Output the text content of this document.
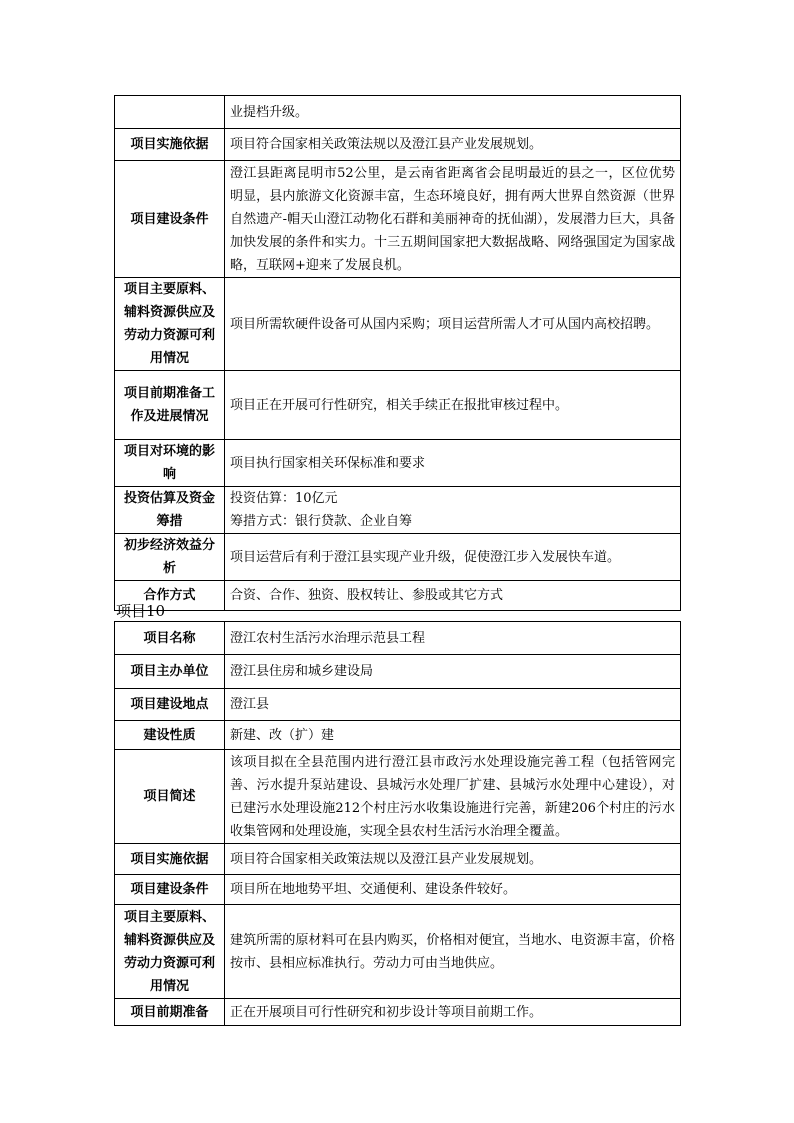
	业提档升级。
项目实施依据	项目符合国家相关政策法规以及澄江县产业发展规划。
项目建设条件	澄江县距离昆明市52公里，是云南省距离省会昆明最近的县之一，区位优势明显，县内旅游文化资源丰富，生态环境良好，拥有两大世界自然资源（世界自然遗产-帽天山澄江动物化石群和美丽神奇的抚仙湖），发展潜力巨大，具备加快发展的条件和实力。十三五期间国家把大数据战略、网络强国定为国家战略，互联网+迎来了发展良机。
项目主要原料、辅料资源供应及劳动力资源可利用情况	项目所需软硬件设备可从国内采购；项目运营所需人才可从国内高校招聘。
项目前期准备工作及进展情况	项目正在开展可行性研究，相关手续正在报批审核过程中。
项目对环境的影响	项目执行国家相关环保标准和要求
投资估算及资金筹措	投资估算：10亿元
筹措方式：银行贷款、企业自筹

初步经济效益分析	项目运营后有利于澄江县实现产业升级，促使澄江步入发展快车道。
合作方式	合资、合作、独资、股权转让、参股或其它方式
项目10
项目名称	澄江农村生活污水治理示范县工程
项目主办单位	澄江县住房和城乡建设局
项目建设地点	澄江县
建设性质	新建、改（扩）建
项目简述	该项目拟在全县范围内进行澄江县市政污水处理设施完善工程（包括管网完善、污水提升泵站建设、县城污水处理厂扩建、县城污水处理中心建设），对已建污水处理设施212个村庄污水收集设施进行完善，新建206个村庄的污水收集管网和处理设施，实现全县农村生活污水治理全覆盖。
项目实施依据	项目符合国家相关政策法规以及澄江县产业发展规划。
项目建设条件	项目所在地地势平坦、交通便利、建设条件较好。
项目主要原料、辅料资源供应及劳动力资源可利用情况	建筑所需的原材料可在县内购买，价格相对便宜，当地水、电资源丰富，价格按市、县相应标准执行。劳动力可由当地供应。
项目前期准备	正在开展项目可行性研究和初步设计等项目前期工作。
